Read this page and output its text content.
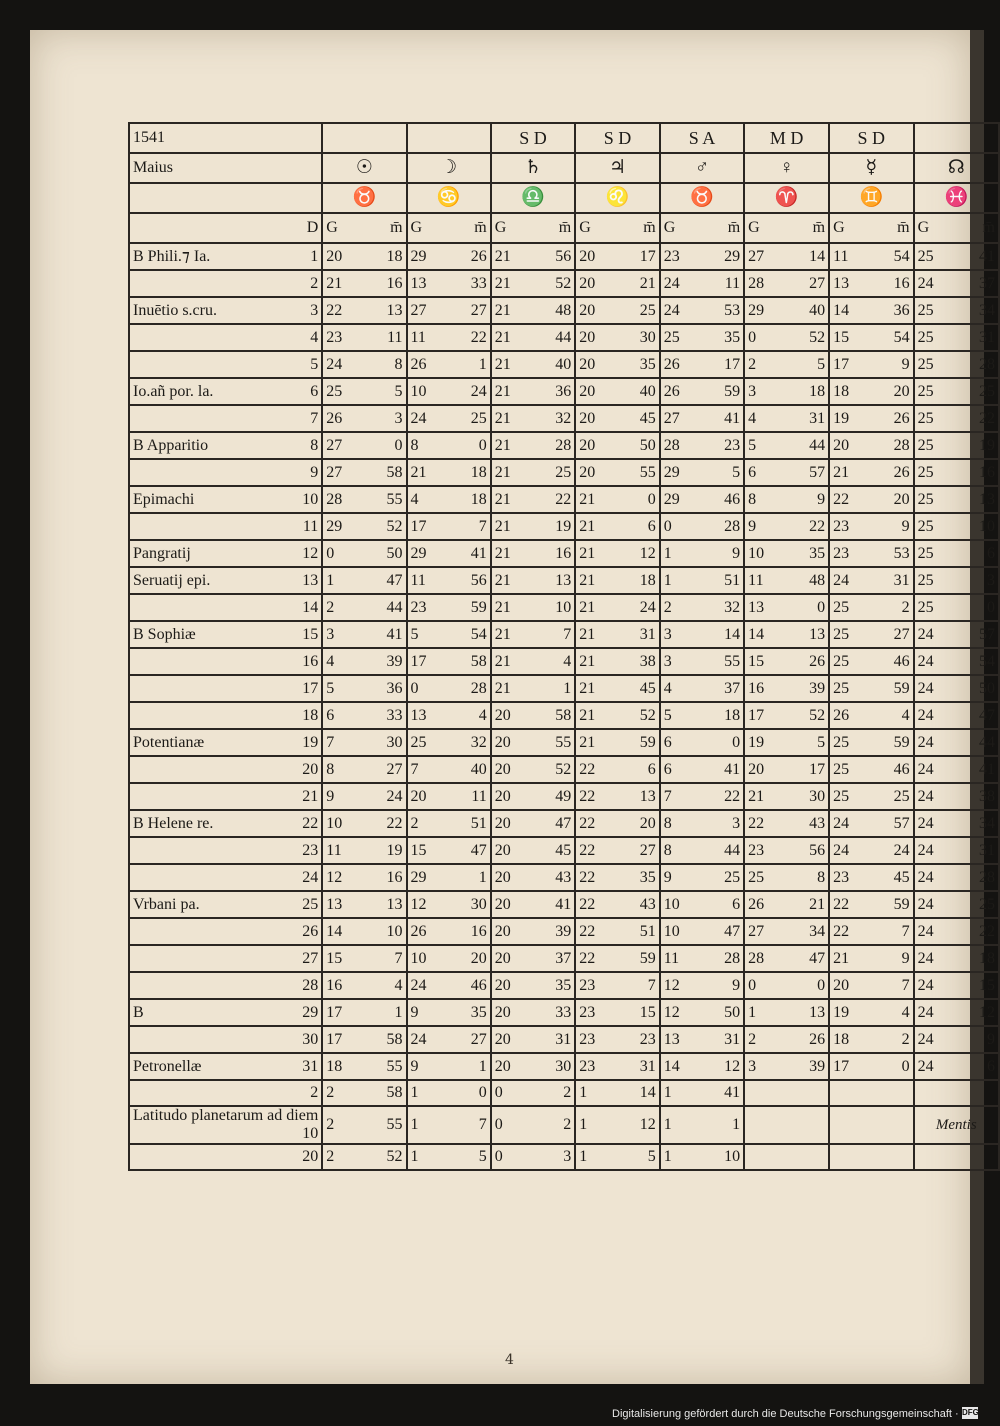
1541			S D	S D	S A	M D	S D	
Maius	☉	☽	♄	♃	♂	♀	☿	☊
	♉	♋	♎	♌	♉	♈	♊	♓

D	G m̄	G m̄	G m̄	G m̄	G m̄	G m̄	G m̄	G m̄

B Phili.⁊ Ia. 1	20 18	29 26	21 56	20 17	23 29	27 14	11 54	25 41

2	21 16	13 33	21 52	20 21	24 11	28 27	13 16	24 37

Inuētio s.cru. 3	22 13	27 27	21 48	20 25	24 53	29 40	14 36	25 34

4	23 11	11 22	21 44	20 30	25 35	0 52	15 54	25 31

5	24 8	26 1	21 40	20 35	26 17	2 5	17 9	25 28

Io.añ por. la. 6	25 5	10 24	21 36	20 40	26 59	3 18	18 20	25 25

7	26 3	24 25	21 32	20 45	27 41	4 31	19 26	25 22

B Apparitio 8	27 0	8 0	21 28	20 50	28 23	5 44	20 28	25 19

9	27 58	21 18	21 25	20 55	29 5	6 57	21 26	25 16

Epimachi 10	28 55	4 18	21 22	21 0	29 46	8 9	22 20	25 13

11	29 52	17 7	21 19	21 6	0 28	9 22	23 9	25 10

Pangratij 12	0 50	29 41	21 16	21 12	1 9	10 35	23 53	25 6

Seruatij epi. 13	1 47	11 56	21 13	21 18	1 51	11 48	24 31	25 3

14	2 44	23 59	21 10	21 24	2 32	13 0	25 2	25 0

B Sophiæ 15	3 41	5 54	21 7	21 31	3 14	14 13	25 27	24 57

16	4 39	17 58	21 4	21 38	3 55	15 26	25 46	24 54

17	5 36	0 28	21 1	21 45	4 37	16 39	25 59	24 50

18	6 33	13 4	20 58	21 52	5 18	17 52	26 4	24 47

Potentianæ 19	7 30	25 32	20 55	21 59	6 0	19 5	25 59	24 44

20	8 27	7 40	20 52	22 6	6 41	20 17	25 46	24 41

21	9 24	20 11	20 49	22 13	7 22	21 30	25 25	24 38

B Helene re. 22	10 22	2 51	20 47	22 20	8 3	22 43	24 57	24 34

23	11 19	15 47	20 45	22 27	8 44	23 56	24 24	24 31

24	12 16	29 1	20 43	22 35	9 25	25 8	23 45	24 28

Vrbani pa. 25	13 13	12 30	20 41	22 43	10 6	26 21	22 59	24 25

26	14 10	26 16	20 39	22 51	10 47	27 34	22 7	24 22

27	15 7	10 20	20 37	22 59	11 28	28 47	21 9	24 18

28	16 4	24 46	20 35	23 7	12 9	0 0	20 7	24 15

B 29	17 1	9 35	20 33	23 15	12 50	1 13	19 4	24 12

30	17 58	24 27	20 31	23 23	13 31	2 26	18 2	24 9

Petronellæ 31	18 55	9 1	20 30	23 31	14 12	3 39	17 0	24 6

2	2 58	1 0	0 2	1 14	1 41			

Latitudo planetarum ad diem
10	2 55	1 7	0 2	1 12	1 1			Mentis

20	2 52	1 5	0 3	1 5	1 10			

4
Digitalisierung gefördert durch die Deutsche Forschungsgemeinschaft · DFG
